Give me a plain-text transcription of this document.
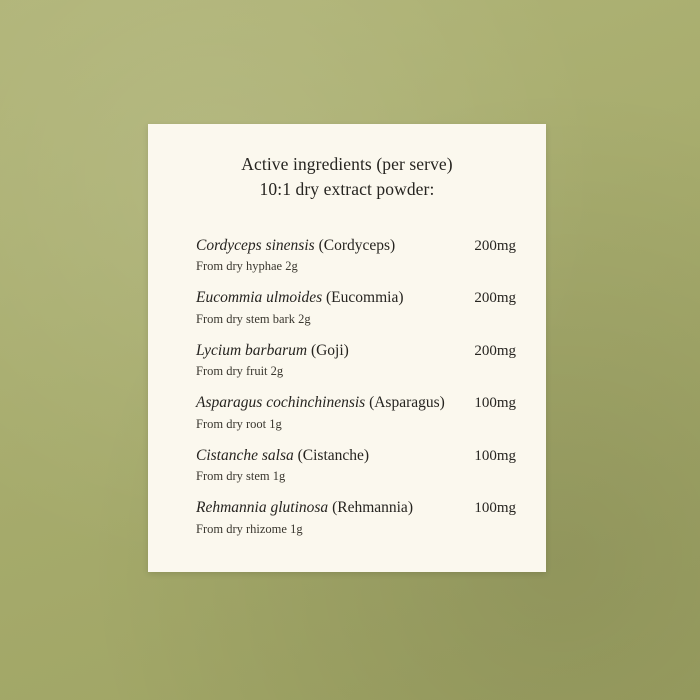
Active ingredients (per serve)
10:1 dry extract powder:
Cordyceps sinensis (Cordyceps)	200mg
From dry hyphae 2g
Eucommia ulmoides (Eucommia)	200mg
From dry stem bark 2g
Lycium barbarum (Goji)	200mg
From dry fruit 2g
Asparagus cochinchinensis (Asparagus)	100mg
From dry root 1g
Cistanche salsa (Cistanche)	100mg
From dry stem 1g
Rehmannia glutinosa (Rehmannia)	100mg
From dry rhizome 1g
